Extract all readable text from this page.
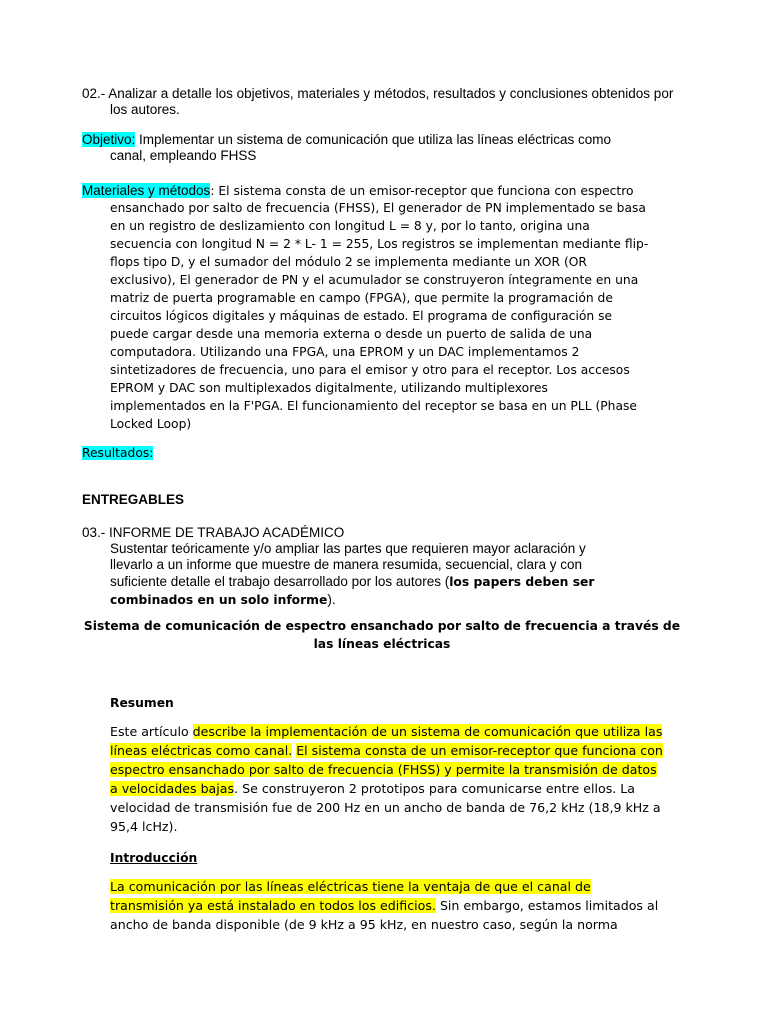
02.- Analizar a detalle los objetivos, materiales y métodos, resultados y conclusiones obtenidos por los autores.

Objetivo: Implementar un sistema de comunicación que utiliza las líneas eléctricas como
canal, empleando FHSS
Materiales y métodos: El sistema consta de un emisor-receptor que funciona con espectro
ensanchado por salto de frecuencia (FHSS), El generador de PN implementado se basa
en un registro de deslizamiento con longitud L = 8 y, por lo tanto, origina una
secuencia con longitud N = 2 * L- 1 = 255, Los registros se implementan mediante flip-
flops tipo D, y el sumador del módulo 2 se implementa mediante un XOR (OR
exclusivo), El generador de PN y el acumulador se construyeron íntegramente en una
matriz de puerta programable en campo (FPGA), que permite la programación de
circuitos lógicos digitales y máquinas de estado. El programa de configuración se
puede cargar desde una memoria externa o desde un puerto de salida de una
computadora. Utilizando una FPGA, una EPROM y un DAC implementamos 2
sintetizadores de frecuencia, uno para el emisor y otro para el receptor. Los accesos
EPROM y DAC son multiplexados digitalmente, utilizando multiplexores
implementados en la F'PGA. El funcionamiento del receptor se basa en un PLL (Phase
Locked Loop)
Resultados:
ENTREGABLES
03.- INFORME DE TRABAJO ACADÉMICO
Sustentar teóricamente y/o ampliar las partes que requieren mayor aclaración y
llevarlo a un informe que muestre de manera resumida, secuencial, clara y con
suficiente detalle el trabajo desarrollado por los autores (los papers deben ser
combinados en un solo informe).
Sistema de comunicación de espectro ensanchado por salto de frecuencia a través de
las líneas eléctricas
Resumen
Este artículo describe la implementación de un sistema de comunicación que utiliza las
líneas eléctricas como canal. El sistema consta de un emisor-receptor que funciona con
espectro ensanchado por salto de frecuencia (FHSS) y permite la transmisión de datos
a velocidades bajas. Se construyeron 2 prototipos para comunicarse entre ellos. La
velocidad de transmisión fue de 200 Hz en un ancho de banda de 76,2 kHz (18,9 kHz a
95,4 lcHz).
Introducción
La comunicación por las líneas eléctricas tiene la ventaja de que el canal de
transmisión ya está instalado en todos los edificios. Sin embargo, estamos limitados al
ancho de banda disponible (de 9 kHz a 95 kHz, en nuestro caso, según la norma
